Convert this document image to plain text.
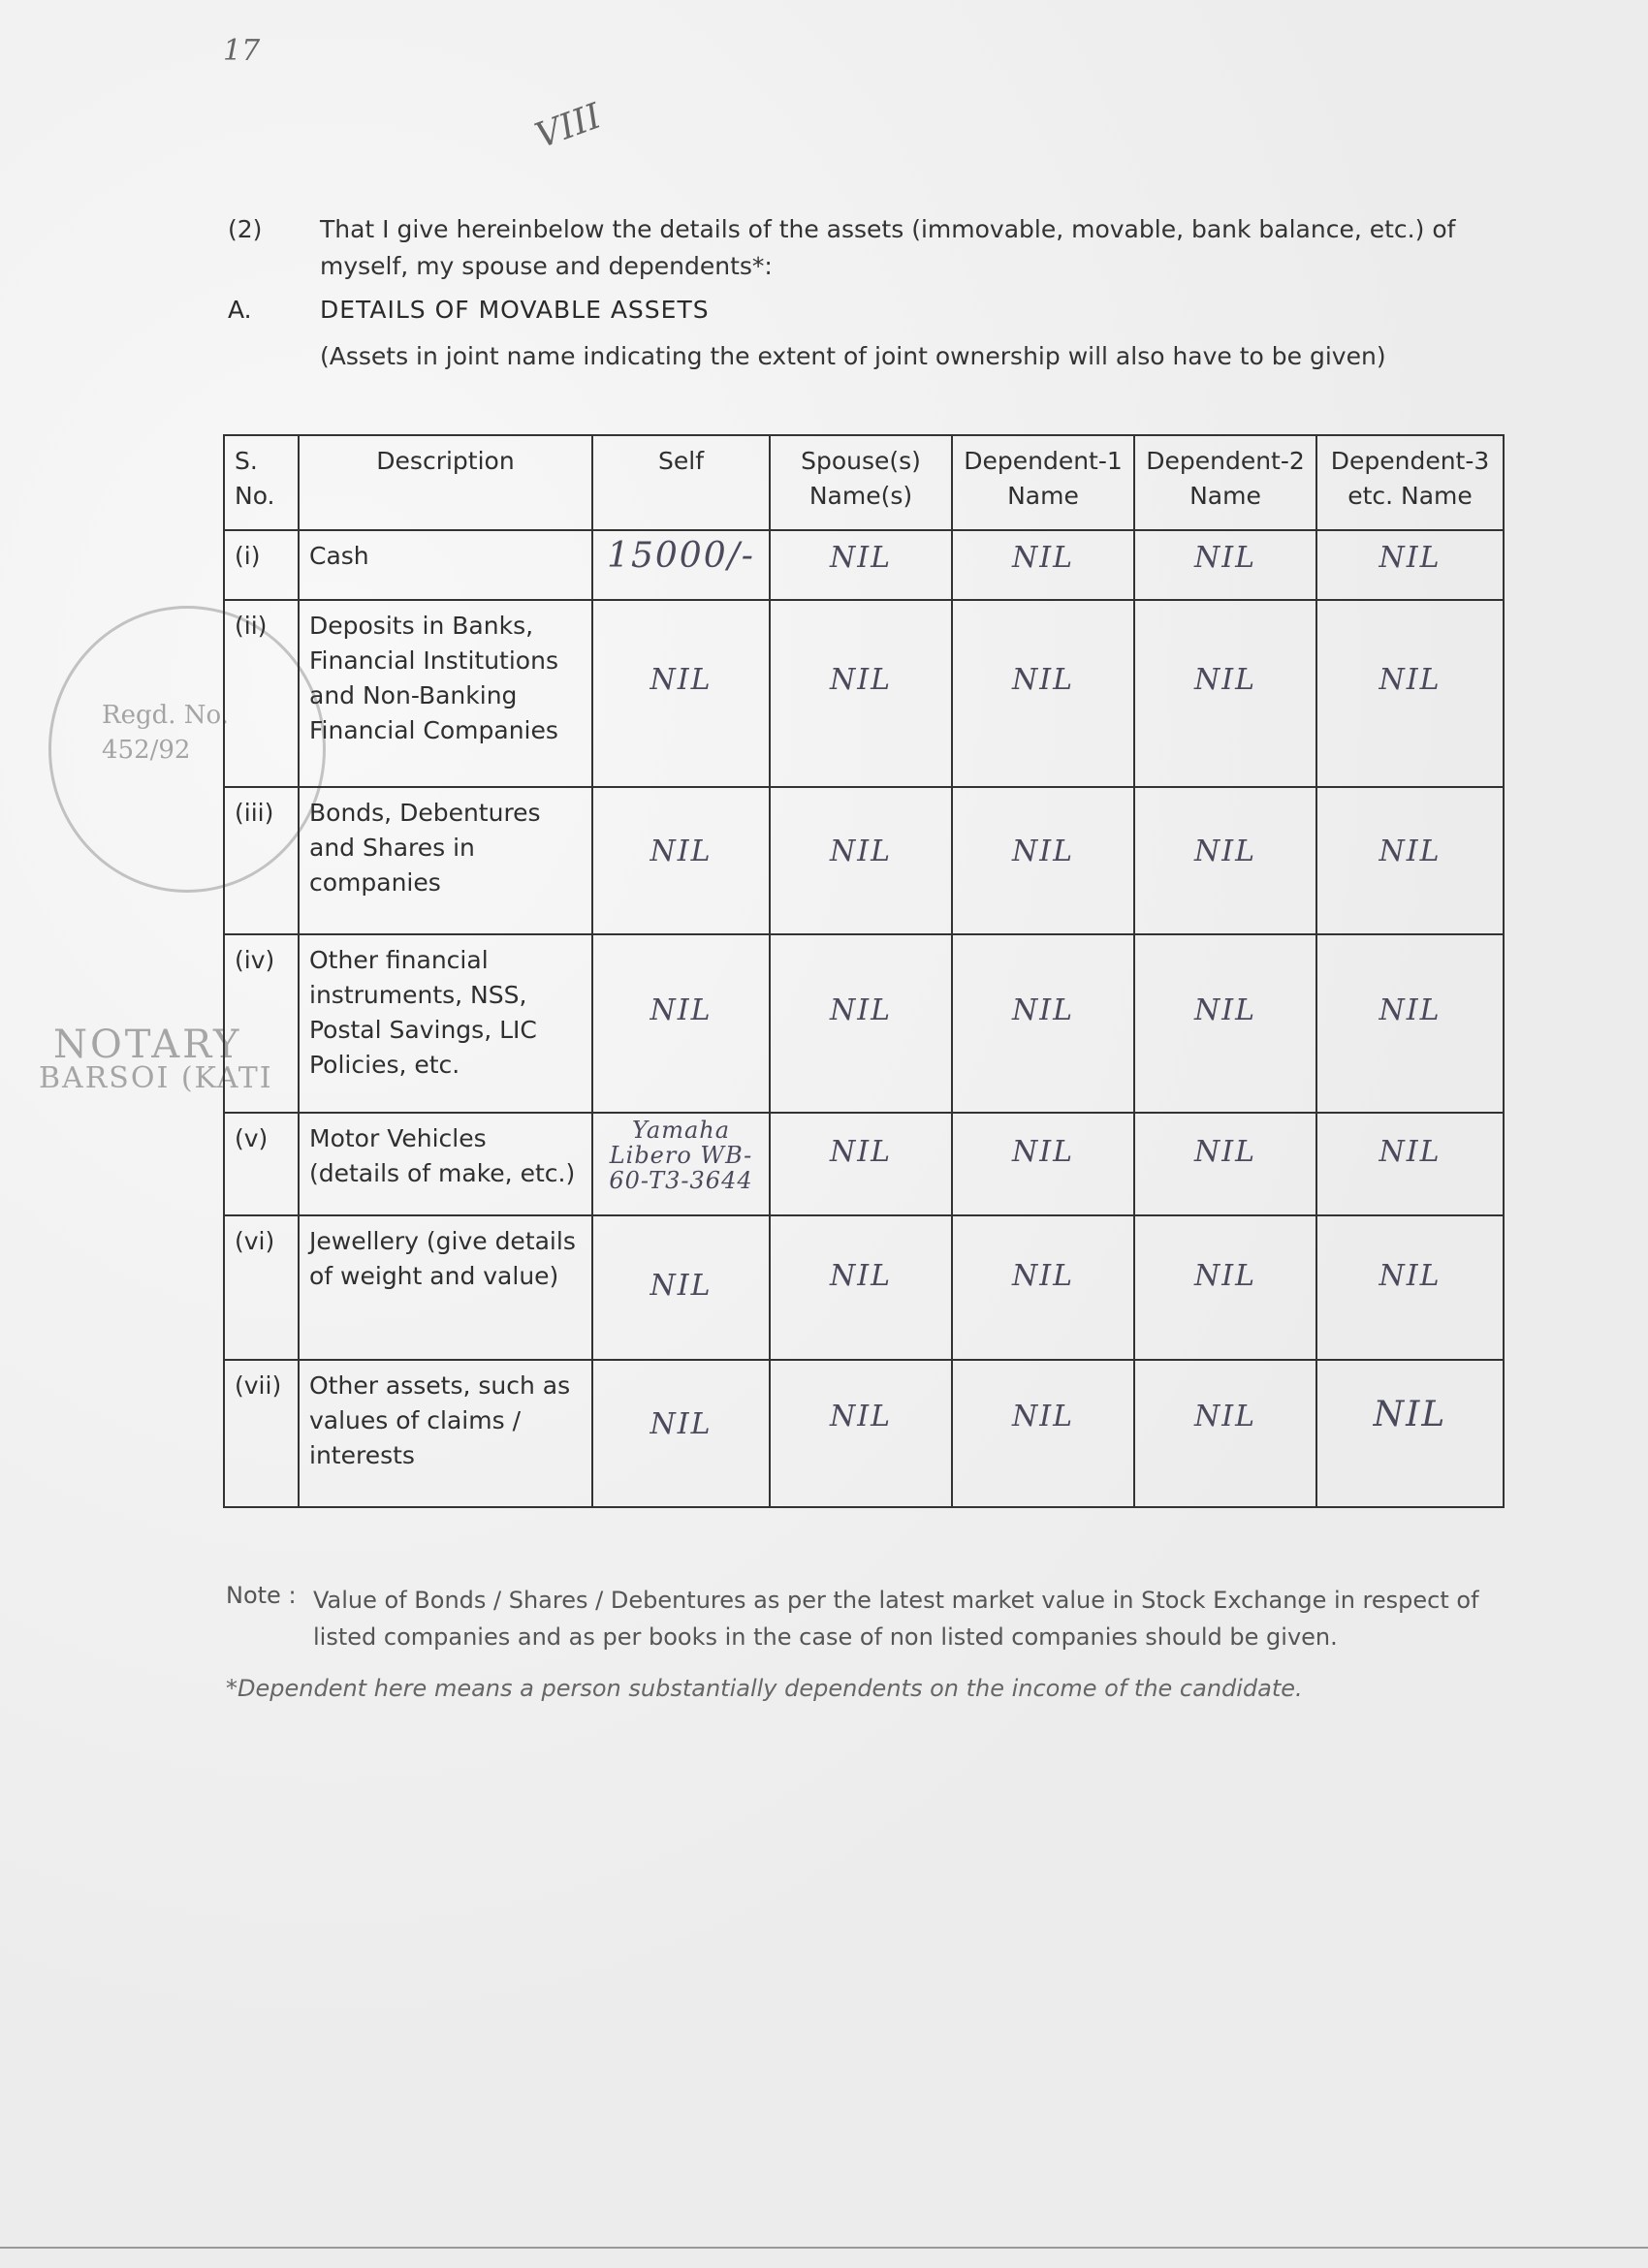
17
VIII
(2) That I give hereinbelow the details of the assets (immovable, movable, bank balance, etc.) of myself, my spouse and dependents*:
A.	DETAILS OF MOVABLE ASSETS
(Assets in joint name indicating the extent of joint ownership will also have to be given)
Regd. No.
452/92
NOTARY
BARSOI (KATI
S. No.	Description	Self	Spouse(s) Name(s)	Dependent-1 Name	Dependent-2 Name	Dependent-3 etc. Name
(i)	Cash	15000/-	NIL	NIL	NIL	NIL

(ii)	Deposits in Banks, Financial Institutions and Non-Banking Financial Companies	NIL	NIL	NIL	NIL	NIL

(iii)	Bonds, Debentures and Shares in companies	NIL	NIL	NIL	NIL	NIL

(iv)	Other financial instruments, NSS, Postal Savings, LIC Policies, etc.	NIL	NIL	NIL	NIL	NIL

(v)	Motor Vehicles (details of make, etc.)	Yamaha Libero WB-60-T3-3644	NIL	NIL	NIL	NIL

(vi)	Jewellery (give details of weight and value)	NIL	NIL	NIL	NIL	NIL

(vii)	Other assets, such as values of claims / interests	NIL	NIL	NIL	NIL	NIL
Note : Value of Bonds / Shares / Debentures as per the latest market value in Stock Exchange in respect of listed companies and as per books in the case of non listed companies should be given.
*Dependent here means a person substantially dependents on the income of the candidate.
